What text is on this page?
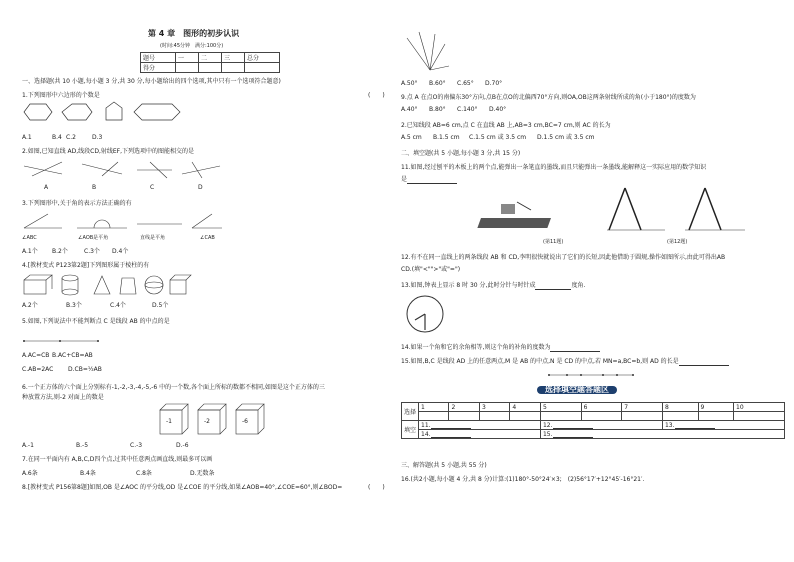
第 4 章　图形的初步认识
(时间:45分钟　满分:100分)
题号	一	二	三	总分
得分				
一、选择题(共 10 小题,每小题 3 分,共 30 分,每小题给出的四个选项,其中只有一个选项符合题意)
1.下列图形中六边形的个数是	(　　)
A.1	B.4 C.2	D.3
2.如图,已知直线 AD,线段CD,射线EF,下列选项中的图能相交的是
A	B	C	D
3.下列图形中,关于角的表示方法正确的有
∠ABC	∠AOB是平角	直线是平角	∠CAB
A.1个 B.2个	C.3个 D.4个
4.[教材变式 P123第2题]下列图形属于棱柱的有
A.2个	B.3个	C.4个	D.5个
5.如图,下列说法中不能判断点 C 是线段 AB 的中点的是
A.AC=CB B.AC+CB=AB
C.AB=2AC D.CB=½AB
6.一个正方体的六个面上分别标有-1,-2,-3,-4,-5,-6 中的一个数,各个面上所标的数都不相同,如图是这个正方体的三
种放置方法,则-2 对面上的数是
-1	-2	-6
A.-1	B.-5	C.-3	D.-6
7.在同一平面内有 A,B,C,D四个点,过其中任意两点画直线,则最多可以画
A.6条	B.4条	C.8条	D.无数条
8.[教材变式 P156第8题]如图,OB 是∠AOC 的平分线,OD 是∠COE 的平分线,如果∠AOB=40°,∠COE=60°,则∠BOD=	(　　)
A.50° B.60° C.65° D.70°
9.点 A 在点O的南偏东30°方向,点B在点O的北偏西70°方向,则OA,OB这两条射线所成的角(小于180°)的度数为
A.40° B.80° C.140° D.40°
2.已知线段 AB=6 cm,点 C 在直线 AB 上,AB=3 cm,BC=7 cm,则 AC 的长为
A.5 cm B.1.5 cm C.1.5 cm 或 3.5 cm D.1.5 cm 或 3.5 cm
二、填空题(共 5 小题,每小题 3 分,共 15 分)
11.如图,经过刨平的木板上的两个点,能弹出一条笔直的墨线,而且只能弹出一条墨线,能解释这一实际应用的数学知识
是
(第11题)	(第12题)
12.有不在同一直线上的两条线段 AB 和 CD,李明很快就说出了它们的长短,因此他借助于圆规,操作如图所示,由此可得出AB
CD.(填"<"">"或"=")
13.如图,钟表上显示 8 时 30 分,此时分针与时针成	度角.
14.如果一个角和它的余角相等,则这个角的补角的度数为
15.如图,B,C 是线段 AD 上的任意两点,M 是 AB 的中点,N 是 CD 的中点,若 MN=a,BC=b,则 AD 的长是
选择填空题答题区
选择	1	2	3	4	5	6	7	8	9	10

填空	11.				12.			13.		
	14.				15.					
三、解答题(共 5 小题,共 55 分)
16.(共2小题,每小题 4 分,共 8 分)计算:(1)180°-50°24′×3;　(2)56°17′+12°45′-16°21′.
